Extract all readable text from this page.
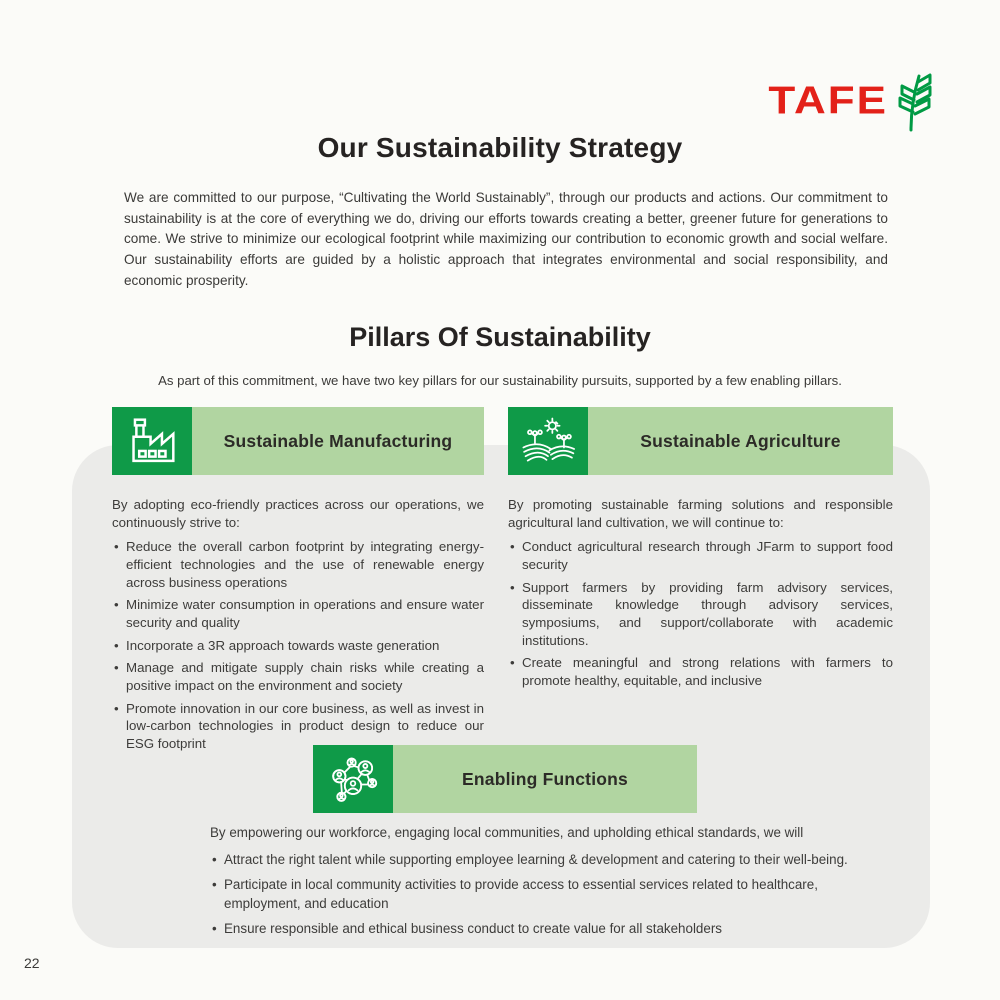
TAFE
Our Sustainability Strategy
We are committed to our purpose, “Cultivating the World Sustainably”, through our products and actions. Our commitment to sustainability is at the core of everything we do, driving our efforts towards creating a better, greener future for generations to come. We strive to minimize our ecological footprint while maximizing our contribution to economic growth and social welfare. Our sustainability efforts are guided by a holistic approach that integrates environmental and social responsibility, and economic prosperity.
Pillars Of Sustainability
As part of this commitment, we have two key pillars for our sustainability pursuits, supported by a few enabling pillars.
Sustainable Manufacturing	Sustainable Agriculture

By adopting eco-friendly practices across our operations, we continuously strive to:

• Reduce the overall carbon footprint by integrating energy-efficient technologies and the use of renewable energy across business operations
• Minimize water consumption in operations and ensure water security and quality
• Incorporate a 3R approach towards waste generation
• Manage and mitigate supply chain risks while creating a positive impact on the environment and society
• Promote innovation in our core business, as well as invest in low-carbon technologies in product design to reduce our ESG footprint

By promoting sustainable farming solutions and responsible agricultural land cultivation, we will continue to:

• Conduct agricultural research through JFarm to support food security
• Support farmers by providing farm advisory services, disseminate knowledge through advisory services, symposiums, and support/collaborate with academic institutions.
• Create meaningful and strong relations with farmers to promote healthy, equitable, and inclusive
Enabling Functions

By empowering our workforce, engaging local communities, and upholding ethical standards, we will

• Attract the right talent while supporting employee learning & development and catering to their well-being.
• Participate in local community activities to provide access to essential services related to healthcare, employment, and education
• Ensure responsible and ethical business conduct to create value for all stakeholders
22
